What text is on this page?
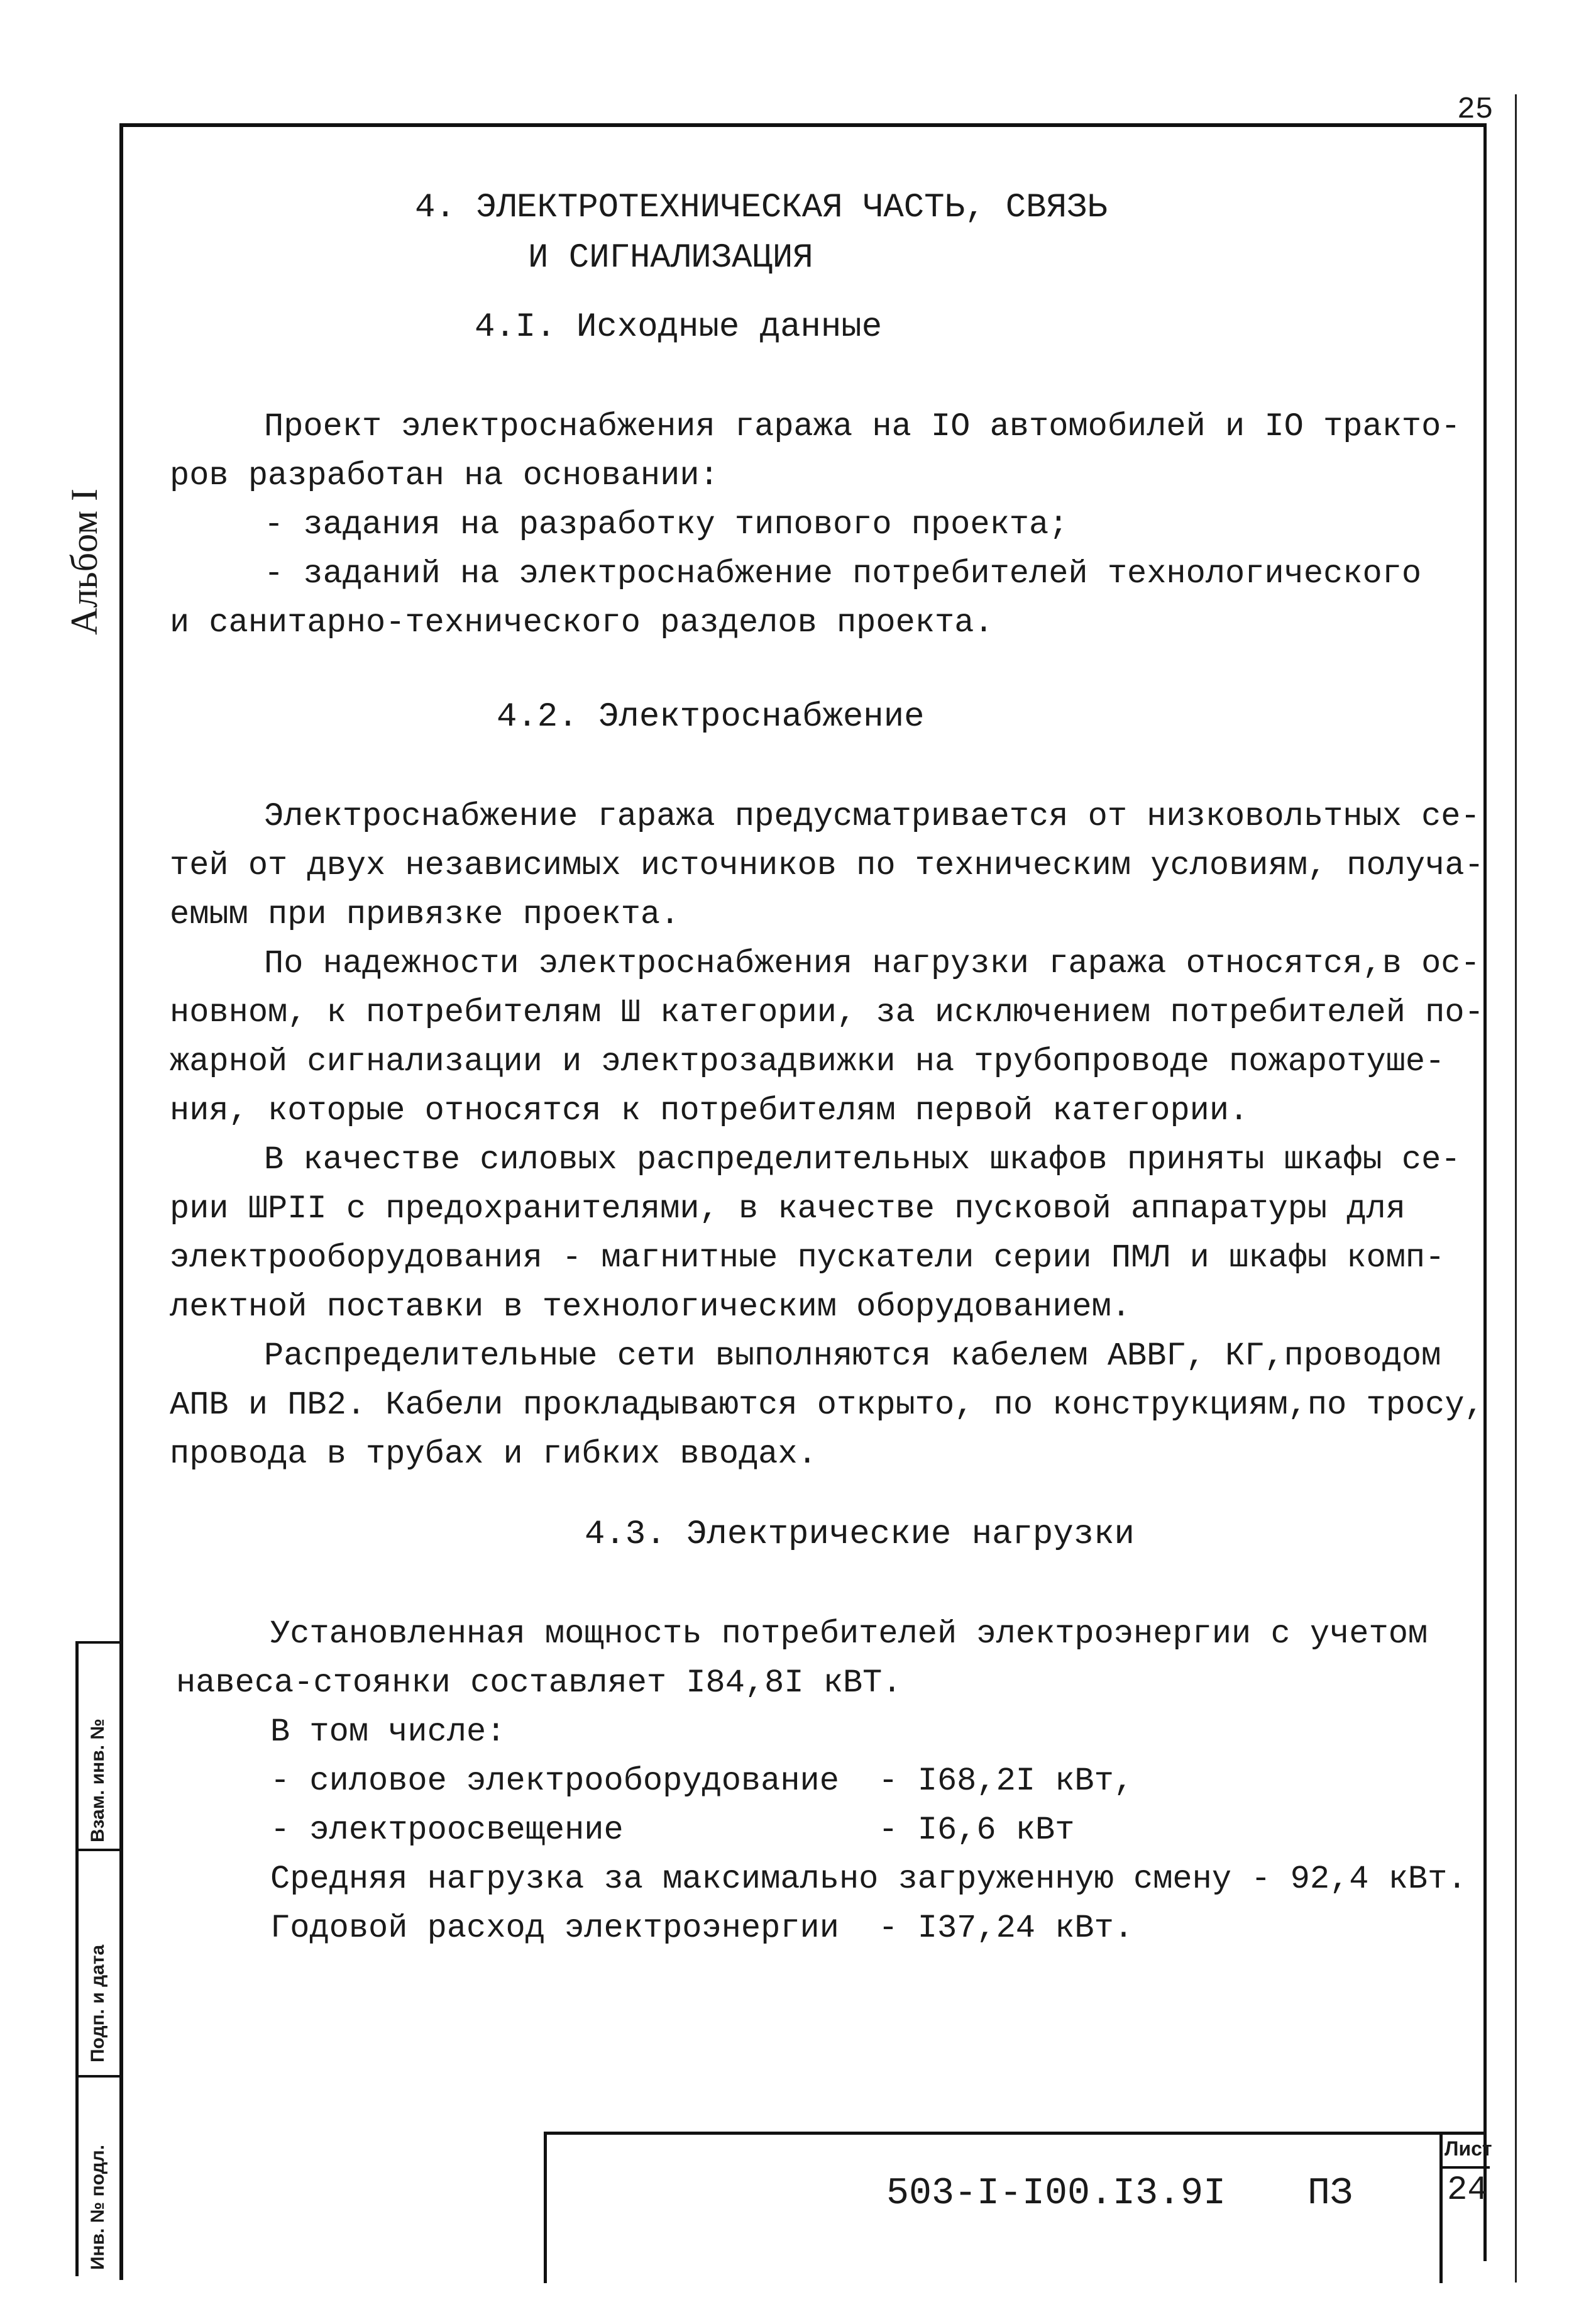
25
Альбом I
Взам. инв. №
Подп. и дата
Инв. № подл.
4. ЭЛЕКТРОТЕХНИЧЕСКАЯ ЧАСТЬ, СВЯЗЬ
И СИГНАЛИЗАЦИЯ
4.I. Исходные данные
Проект электроснабжения гаража на IO автомобилей и IO тракто-
ров разработан на основании:
- задания на разработку типового проекта;
- заданий на электроснабжение потребителей технологического
и санитарно-технического разделов проекта.
4.2. Электроснабжение
Электроснабжение гаража предусматривается от низковольтных се-
тей от двух независимых источников по техническим условиям, получа-
емым при привязке проекта.
По надежности электроснабжения нагрузки гаража относятся,в ос-
новном, к потребителям Ш категории, за исключением потребителей по-
жарной сигнализации и электрозадвижки на трубопроводе пожаротуше-
ния, которые относятся к потребителям первой категории.
В качестве силовых распределительных шкафов приняты шкафы се-
рии ШРII с предохранителями, в качестве пусковой аппаратуры для
электрооборудования - магнитные пускатели серии ПМЛ и шкафы комп-
лектной поставки в технологическим оборудованием.
Распределительные сети выполняются кабелем АВВГ, КГ,проводом
АПВ и ПВ2. Кабели прокладываются открыто, по конструкциям,по тросу,
провода в трубах и гибких вводах.
4.3. Электрические нагрузки
Установленная мощность потребителей электроэнергии с учетом
навеса-стоянки составляет I84,8I кВТ.
В том числе:
- силовое электрооборудование  - I68,2I кВт,
- электроосвещение             - I6,6 кВт
Средняя нагрузка за максимально загруженную смену - 92,4 кВт.
Годовой расход электроэнергии  - I37,24 кВт.
503-I-I00.I3.9I ПЗ
Лист
24
